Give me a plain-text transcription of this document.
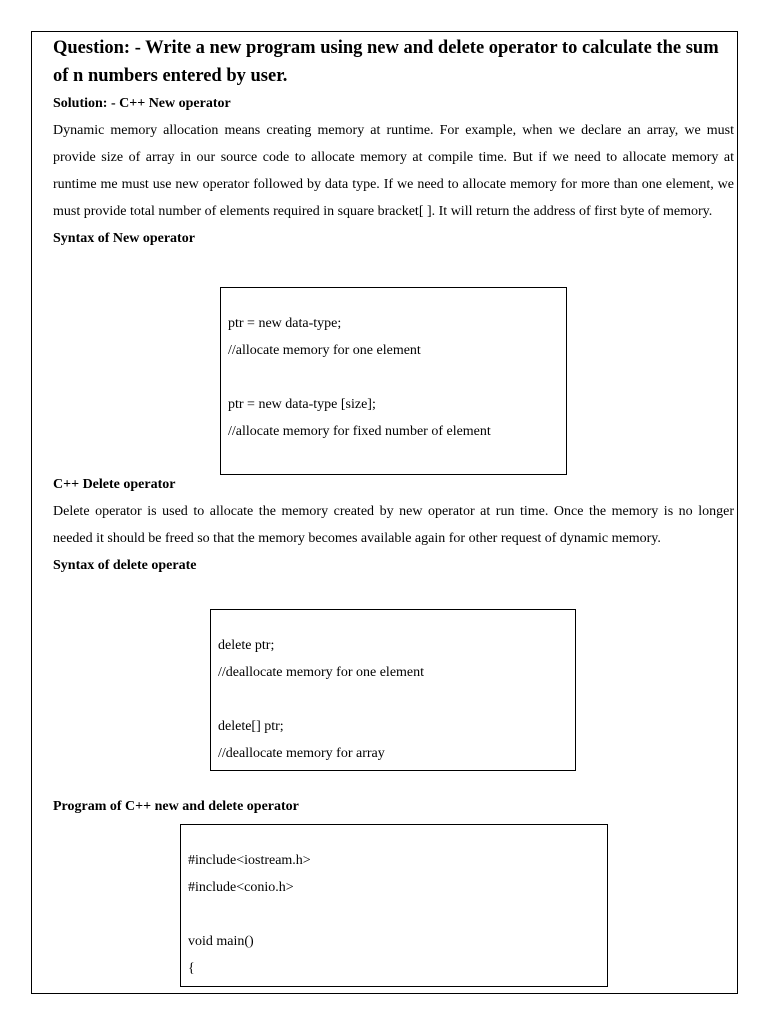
Question: - Write a new program using new and delete operator to calculate the sum of n numbers entered by user.

Solution: - C++ New operator

Dynamic memory allocation means creating memory at runtime. For example, when we declare an array, we must provide size of array in our source code to allocate memory at compile time. But if we need to allocate memory at runtime me must use new operator followed by data type. If we need to allocate memory for more than one element, we must provide total number of elements required in square bracket[ ]. It will return the address of first byte of memory.

Syntax of New operator

ptr = new data-type;
//allocate memory for one element
ptr = new data-type [size];
//allocate memory for fixed number of element

C++ Delete operator

Delete operator is used to allocate the memory created by new operator at run time. Once the memory is no longer needed it should be freed so that the memory becomes available again for other request of dynamic memory.

Syntax of delete operate

delete ptr;
//deallocate memory for one element
delete[] ptr;
//deallocate memory for array

Program of C++ new and delete operator

#include<iostream.h>
#include<conio.h>
void main()
{
